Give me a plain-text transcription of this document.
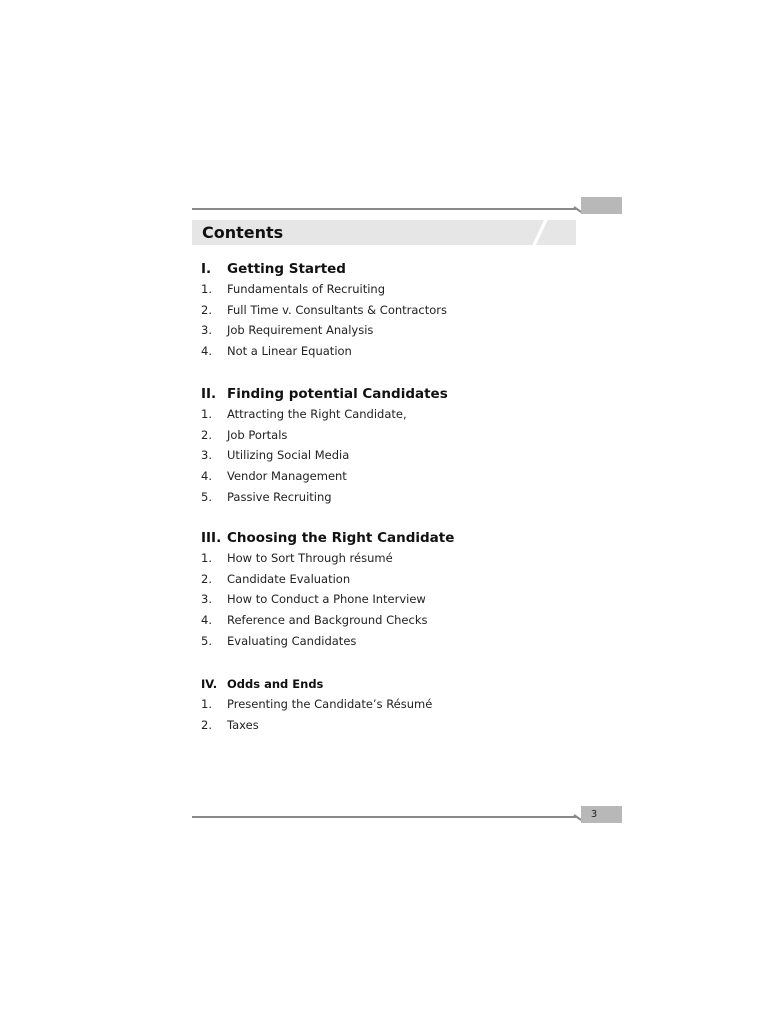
Contents
I.	Getting Started
1.	Fundamentals of Recruiting
2.	Full Time v. Consultants & Contractors
3.	Job Requirement Analysis
4.	Not a Linear Equation
II. Finding potential Candidates
1.	Attracting the Right Candidate,
2.	Job Portals
3.	Utilizing Social Media
4.	Vendor Management
5.	Passive Recruiting
III. Choosing the Right Candidate
1.	How to Sort Through résumé
2.	Candidate Evaluation
3.	How to Conduct a Phone Interview
4.	Reference and Background Checks
5.	Evaluating Candidates
IV. Odds and Ends
1.	Presenting the Candidate’s Résumé
2.	Taxes
3
